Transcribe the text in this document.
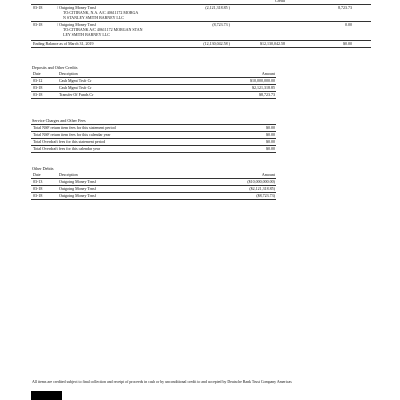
Credit
03-18	/ Outgoing Money Trnsf
TO:CITIBANK, N.A. A/C 40611172 MORGA
N STANLEY SMITH BARNEY LLC
(2,121,318.85 )	8,723.73
03-18	/ Outgoing Money Trnsf
TO:CITIBANK A/C 40611172 MORGAN STAN
LEY SMITH BARNEY LLC
(8,723.73 )	0.00
Ending Balance as of March 31, 2019	(12,130,042.58 )	$12,130,042.58	$0.00
Deposits and Other Credits
Date	Description	Amount
03-12	Cash Mgmt Trsfr Cr	$10,000,000.00
03-18	Cash Mgmt Trsfr Cr	$2,121,318.85
03-18	Transfer Of Funds Cr	$8,723.73
Service Charges and Other Fees
Total NSF return item fees for this statement period	$0.00
Total NSF return item fees for this calendar year	$0.00
Total Overdraft fees for this statement period	$0.00
Total Overdraft fees for this calendar year	$0.00
Other Debits
Date	Description	Amount
03-13	Outgoing Money Trnsf	($10,000,000.00)
03-18	Outgoing Money Trnsf	($2,121,318.85)
03-18	Outgoing Money Trnsf	($8,723.73)
All items are credited subject to final collection and receipt of proceeds in cash or by unconditional credit to and accepted by Deutsche Bank Trust Company Americas
